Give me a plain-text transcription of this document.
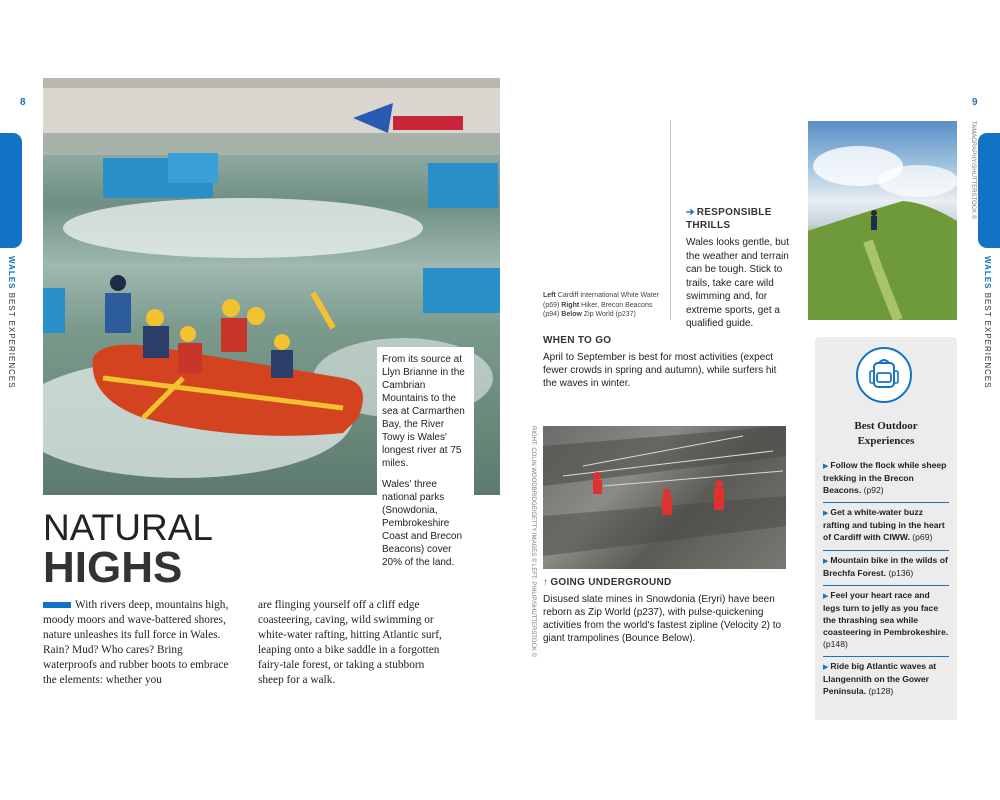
8	9
WALES BEST EXPERIENCES
WALES BEST EXPERIENCES

From its source at Llyn Brianne in the Cambrian Mountains to the sea at Carmarthen Bay, the River Towy is Wales' longest river at 75 miles.

Wales' three national parks (Snowdonia, Pembrokeshire Coast and Brecon Beacons) cover 20% of the land.

NATURAL
HIGHS
With rivers deep, mountains high, moody moors and wave-battered shores, nature unleashes its full force in Wales. Rain? Mud? Who cares? Bring waterproofs and rubber boots to embrace the elements: whether you
are flinging yourself off a cliff edge coasteering, caving, wild swimming or white-water rafting, hitting Atlantic surf, leaping onto a bike saddle in a forgotten fairy-tale forest, or taking a stubborn sheep for a walk.
➔ RESPONSIBLE
THRILLS

Wales looks gentle, but the weather and terrain can be tough. Stick to trails, take care wild swimming and, for extreme sports, get a qualified guide.

Left Cardiff International White Water (p69) Right Hiker, Brecon Beacons (p94) Below Zip World (p237)
WHEN TO GO

April to September is best for most activities (expect fewer crowds in spring and autumn), while surfers hit the waves in winter.

RIGHT: COLIN WOODBRIDGE/GETTY IMAGES © LEFT: PHILIP/SHUTTERSTOCK © ↑ GOING UNDERGROUND

Disused slate mines in Snowdonia (Eryri) have been reborn as Zip World (p237), with pulse-quickening activities from the world's fastest zipline (Velocity 2) to giant trampolines (Bounce Below).

TAMAGRAPHY/SHUTTERSTOCK ©
Best Outdoor
Experiences
▶ Follow the flock while sheep trekking in the Brecon Beacons. (p92)
▶ Get a white-water buzz rafting and tubing in the heart of Cardiff with CIWW. (p69)
▶ Mountain bike in the wilds of Brechfa Forest. (p136)
▶ Feel your heart race and legs turn to jelly as you face the thrashing sea while coasteering in Pembrokeshire. (p148)
▶ Ride big Atlantic waves at Llangennith on the Gower Peninsula. (p128)
